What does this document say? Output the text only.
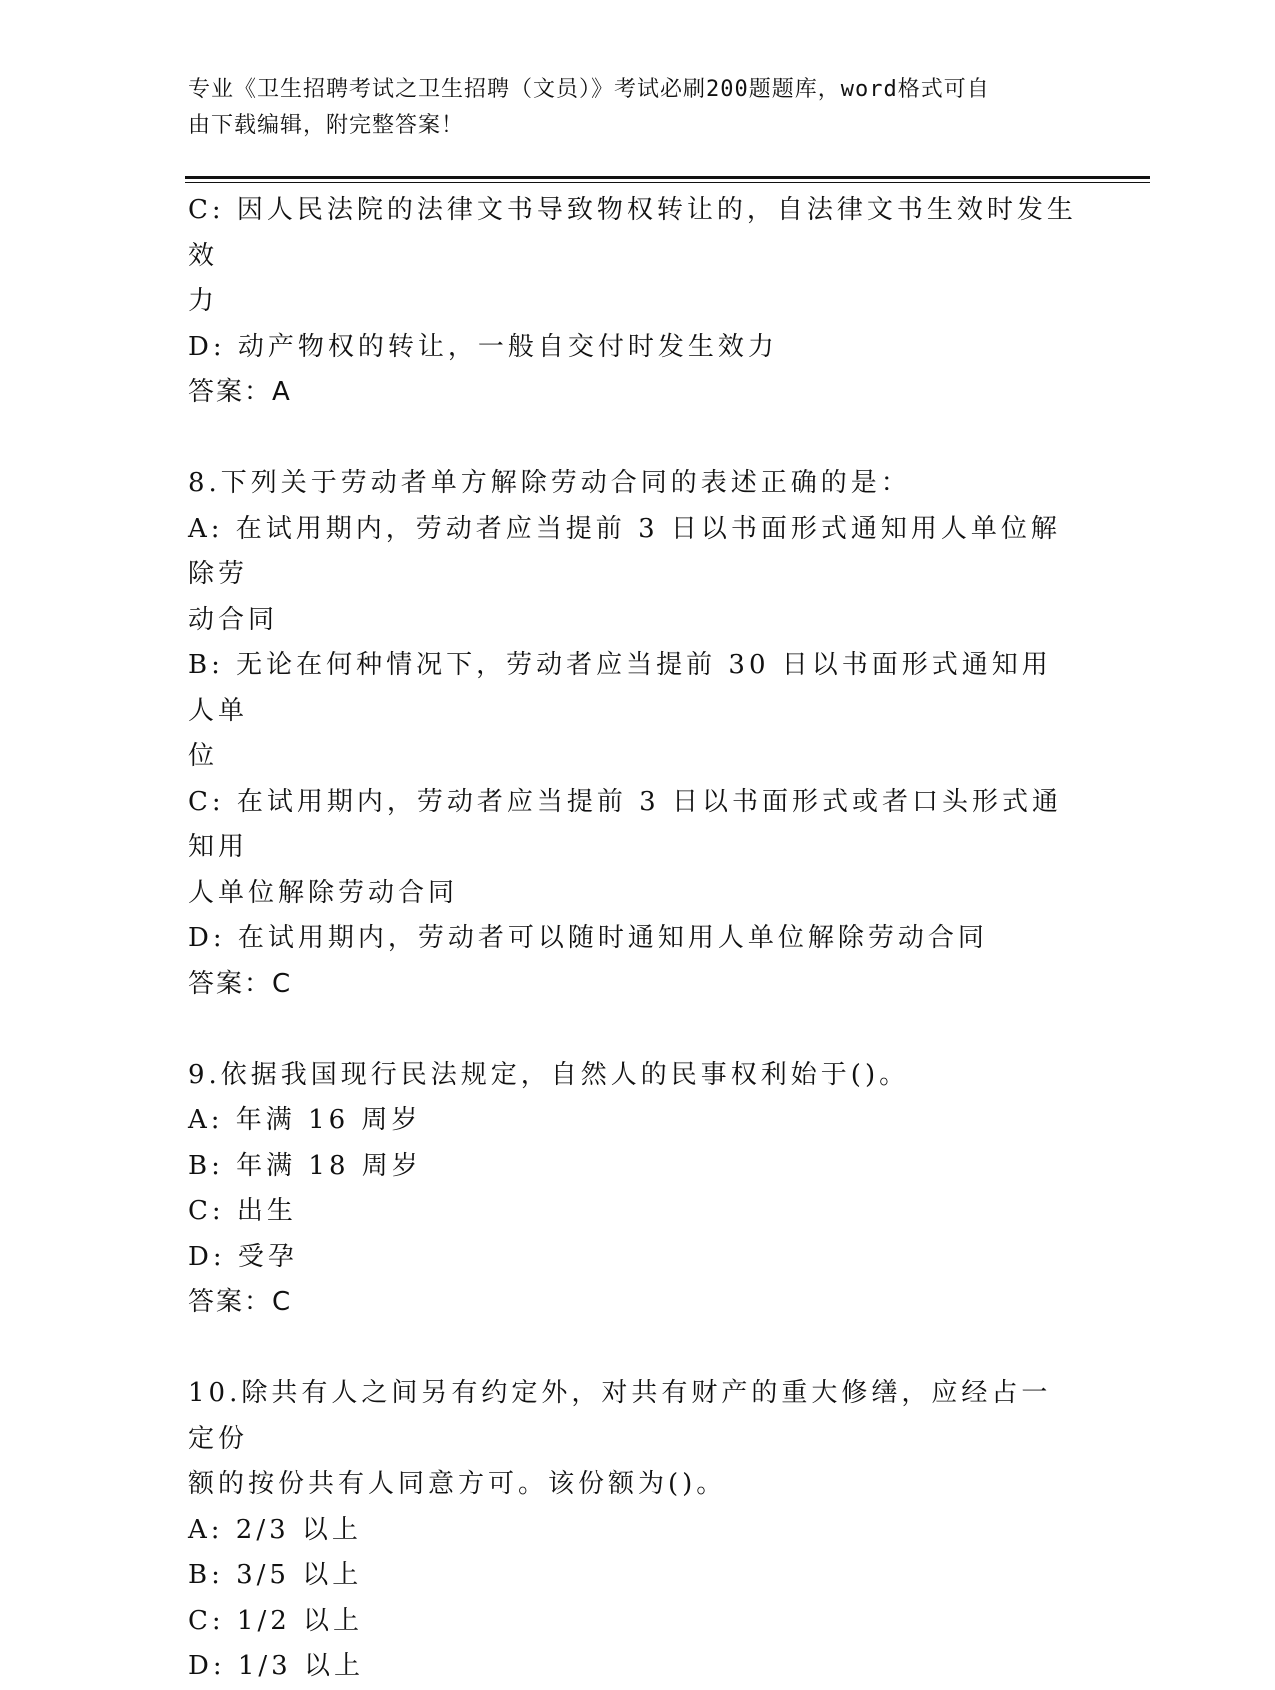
专业《卫生招聘考试之卫生招聘（文员）》考试必刷200题题库，word格式可自
由下载编辑，附完整答案！

C: 因人民法院的法律文书导致物权转让的，自法律文书生效时发生效

力

D: 动产物权的转让，一般自交付时发生效力

答案：A

8.下列关于劳动者单方解除劳动合同的表述正确的是：

A: 在试用期内，劳动者应当提前 3 日以书面形式通知用人单位解除劳

动合同

B: 无论在何种情况下，劳动者应当提前 30 日以书面形式通知用人单

位

C: 在试用期内，劳动者应当提前 3 日以书面形式或者口头形式通知用

人单位解除劳动合同

D: 在试用期内，劳动者可以随时通知用人单位解除劳动合同

答案：C

9.依据我国现行民法规定，自然人的民事权利始于()。

A: 年满 16 周岁

B: 年满 18 周岁

C: 出生

D: 受孕

答案：C

10.除共有人之间另有约定外，对共有财产的重大修缮，应经占一定份

额的按份共有人同意方可。该份额为()。

A: 2/3 以上

B: 3/5 以上

C: 1/2 以上

D: 1/3 以上
